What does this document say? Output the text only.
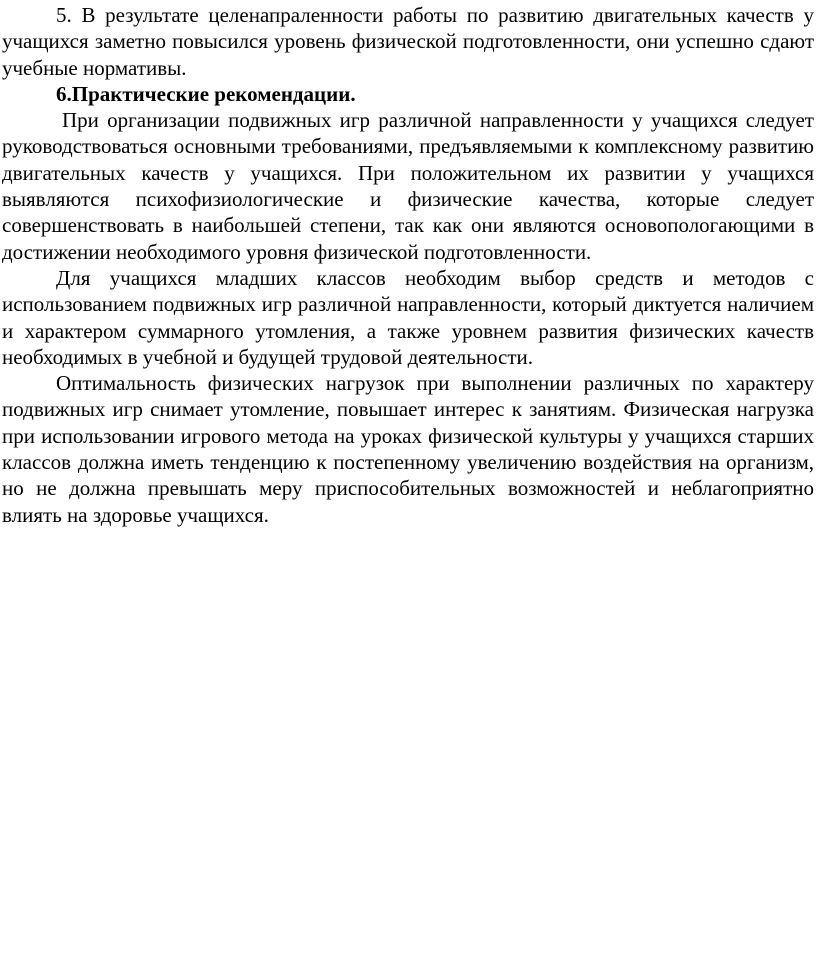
5. В результате целенапраленности работы по развитию двигательных качеств у учащихся заметно повысился уровень физической подготовленности, они успешно сдают учебные нормативы.

6.Практические рекомендации.

При организации подвижных игр различной направленности у учащихся следует руководствоваться основными требованиями, предъявляемыми к комплексному развитию двигательных качеств у учащихся. При положительном их развитии у учащихся выявляются психофизиологические и физические качества, которые следует совершенствовать в наибольшей степени, так как они являются основопологающими в достижении необходимого уровня физической подготовленности.

Для учащихся младших классов необходим выбор средств и методов с использованием подвижных игр различной направленности, который диктуется наличием и характером суммарного утомления, а также уровнем развития физических качеств необходимых в учебной и будущей трудовой деятельности.

Оптимальность физических нагрузок при выполнении различных по характеру подвижных игр снимает утомление, повышает интерес к занятиям. Физическая нагрузка при использовании игрового метода на уроках физической культуры у учащихся старших классов должна иметь тенденцию к постепенному увеличению воздействия на организм, но не должна превышать меру приспособительных возможностей и неблагоприятно влиять на здоровье учащихся.
